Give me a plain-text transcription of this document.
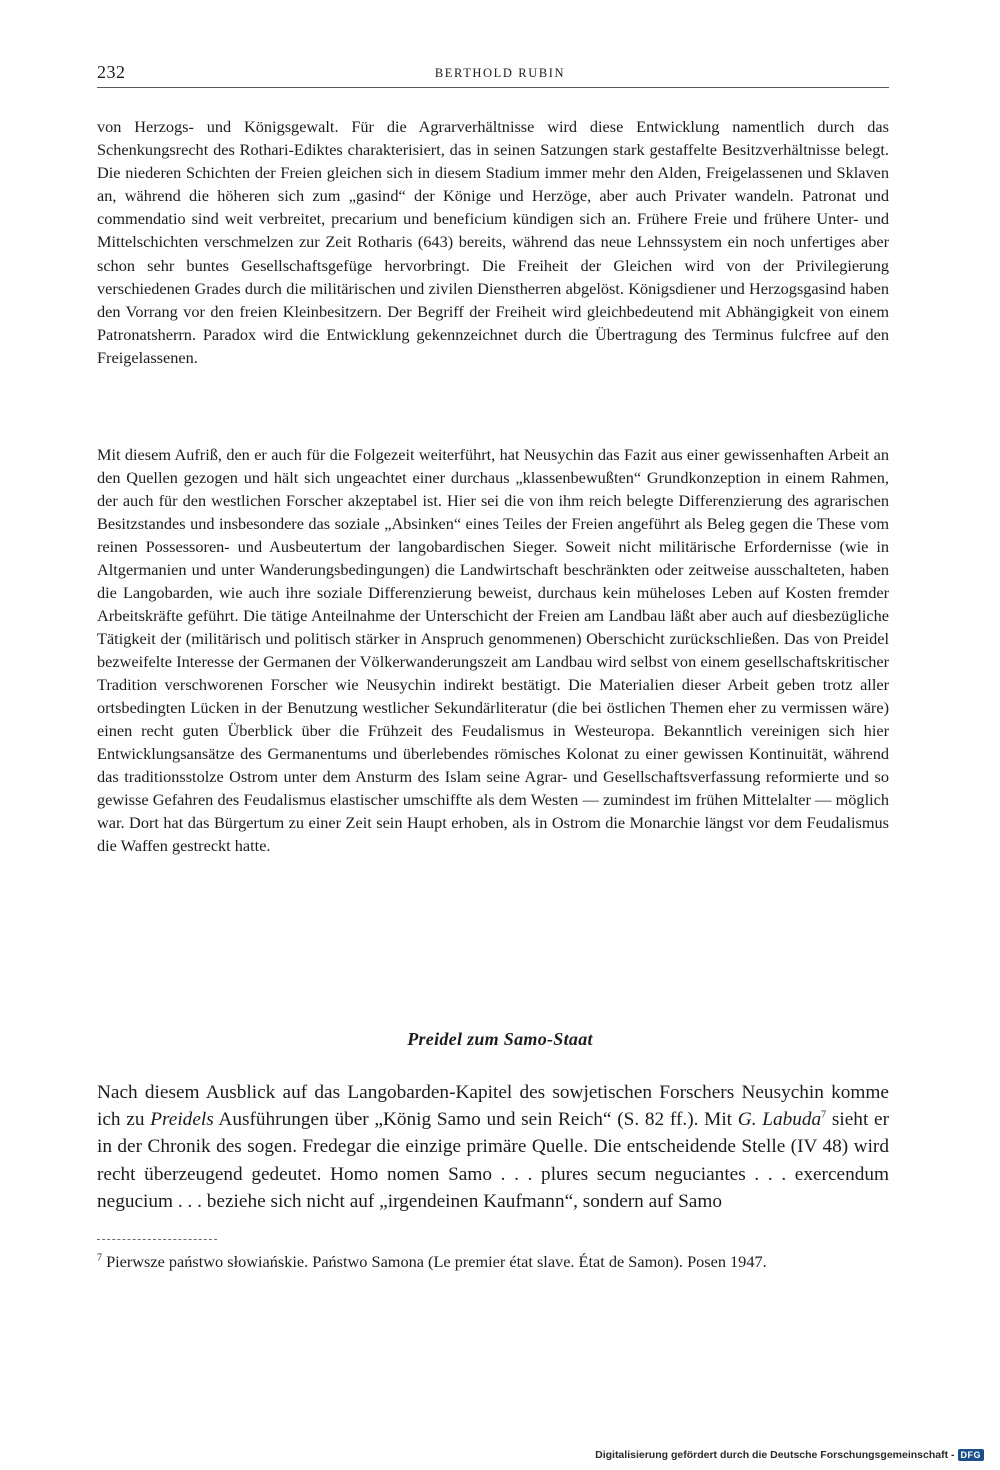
232	BERTHOLD RUBIN

von Herzogs- und Königsgewalt. Für die Agrarverhältnisse wird diese Entwicklung namentlich durch das Schenkungsrecht des Rothari-Ediktes charakterisiert, das in seinen Satzungen stark gestaffelte Besitzverhältnisse belegt. Die niederen Schichten der Freien gleichen sich in diesem Stadium immer mehr den Alden, Freigelassenen und Sklaven an, während die höheren sich zum „gasind“ der Könige und Herzöge, aber auch Privater wandeln. Patronat und commendatio sind weit verbreitet, precarium und beneficium kündigen sich an. Frühere Freie und frühere Unter- und Mittelschichten verschmelzen zur Zeit Rotharis (643) bereits, während das neue Lehnssystem ein noch unfertiges aber schon sehr buntes Gesellschaftsgefüge hervorbringt. Die Freiheit der Gleichen wird von der Privilegierung verschiedenen Grades durch die militärischen und zivilen Dienstherren abgelöst. Königsdiener und Herzogsgasind haben den Vorrang vor den freien Kleinbesitzern. Der Begriff der Freiheit wird gleichbedeutend mit Abhängigkeit von einem Patronatsherrn. Paradox wird die Entwicklung gekennzeichnet durch die Übertragung des Terminus fulcfree auf den Freigelassenen.

Mit diesem Aufriß, den er auch für die Folgezeit weiterführt, hat Neusychin das Fazit aus einer gewissenhaften Arbeit an den Quellen gezogen und hält sich ungeachtet einer durchaus „klassenbewußten“ Grundkonzeption in einem Rahmen, der auch für den westlichen Forscher akzeptabel ist. Hier sei die von ihm reich belegte Differenzierung des agrarischen Besitzstandes und insbesondere das soziale „Absinken“ eines Teiles der Freien angeführt als Beleg gegen die These vom reinen Possessoren- und Ausbeutertum der langobardischen Sieger. Soweit nicht militärische Erfordernisse (wie in Altgermanien und unter Wanderungsbedingungen) die Landwirtschaft beschränkten oder zeitweise ausschalteten, haben die Langobarden, wie auch ihre soziale Differenzierung beweist, durchaus kein müheloses Leben auf Kosten fremder Arbeitskräfte geführt. Die tätige Anteilnahme der Unterschicht der Freien am Landbau läßt aber auch auf diesbezügliche Tätigkeit der (militärisch und politisch stärker in Anspruch genommenen) Oberschicht zurückschließen. Das von Preidel bezweifelte Interesse der Germanen der Völkerwanderungszeit am Landbau wird selbst von einem gesellschaftskritischer Tradition verschworenen Forscher wie Neusychin indirekt bestätigt. Die Materialien dieser Arbeit geben trotz aller ortsbedingten Lücken in der Benutzung westlicher Sekundärliteratur (die bei östlichen Themen eher zu vermissen wäre) einen recht guten Überblick über die Frühzeit des Feudalismus in Westeuropa. Bekanntlich vereinigen sich hier Entwicklungsansätze des Germanentums und überlebendes römisches Kolonat zu einer gewissen Kontinuität, während das traditionsstolze Ostrom unter dem Ansturm des Islam seine Agrar- und Gesellschaftsverfassung reformierte und so gewisse Gefahren des Feudalismus elastischer umschiffte als dem Westen — zumindest im frühen Mittelalter — möglich war. Dort hat das Bürgertum zu einer Zeit sein Haupt erhoben, als in Ostrom die Monarchie längst vor dem Feudalismus die Waffen gestreckt hatte.

Preidel zum Samo-Staat

Nach diesem Ausblick auf das Langobarden-Kapitel des sowjetischen Forschers Neusychin komme ich zu Preidels Ausführungen über „König Samo und sein Reich“ (S. 82 ff.). Mit G. Labuda$^7$ sieht er in der Chronik des sogen. Fredegar die einzige primäre Quelle. Die entscheidende Stelle (IV 48) wird recht überzeugend gedeutet. Homo nomen Samo . . . plures secum neguciantes . . . exercendum negucium . . . beziehe sich nicht auf „irgendeinen Kaufmann“, sondern auf Samo

$^7$ Pierwsze państwo słowiańskie. Państwo Samona (Le premier état slave. État de Samon). Posen 1947.

Digitalisierung gefördert durch die Deutsche Forschungsgemeinschaft - DFG
